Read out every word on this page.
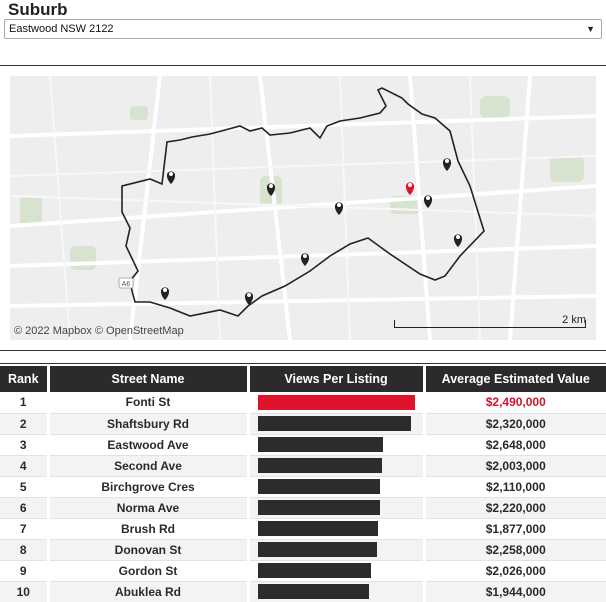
Suburb
Eastwood NSW 2122	▼
A6
© 2022 Mapbox © OpenStreetMap
2 km
Rank	Street Name	Views Per Listing	Average Estimated Value
1	Fonti St		$2,490,000
2	Shaftsbury Rd		$2,320,000
3	Eastwood Ave		$2,648,000
4	Second Ave		$2,003,000
5	Birchgrove Cres		$2,110,000
6	Norma Ave		$2,220,000
7	Brush Rd		$1,877,000
8	Donovan St		$2,258,000
9	Gordon St		$2,026,000
10	Abuklea Rd		$1,944,000
